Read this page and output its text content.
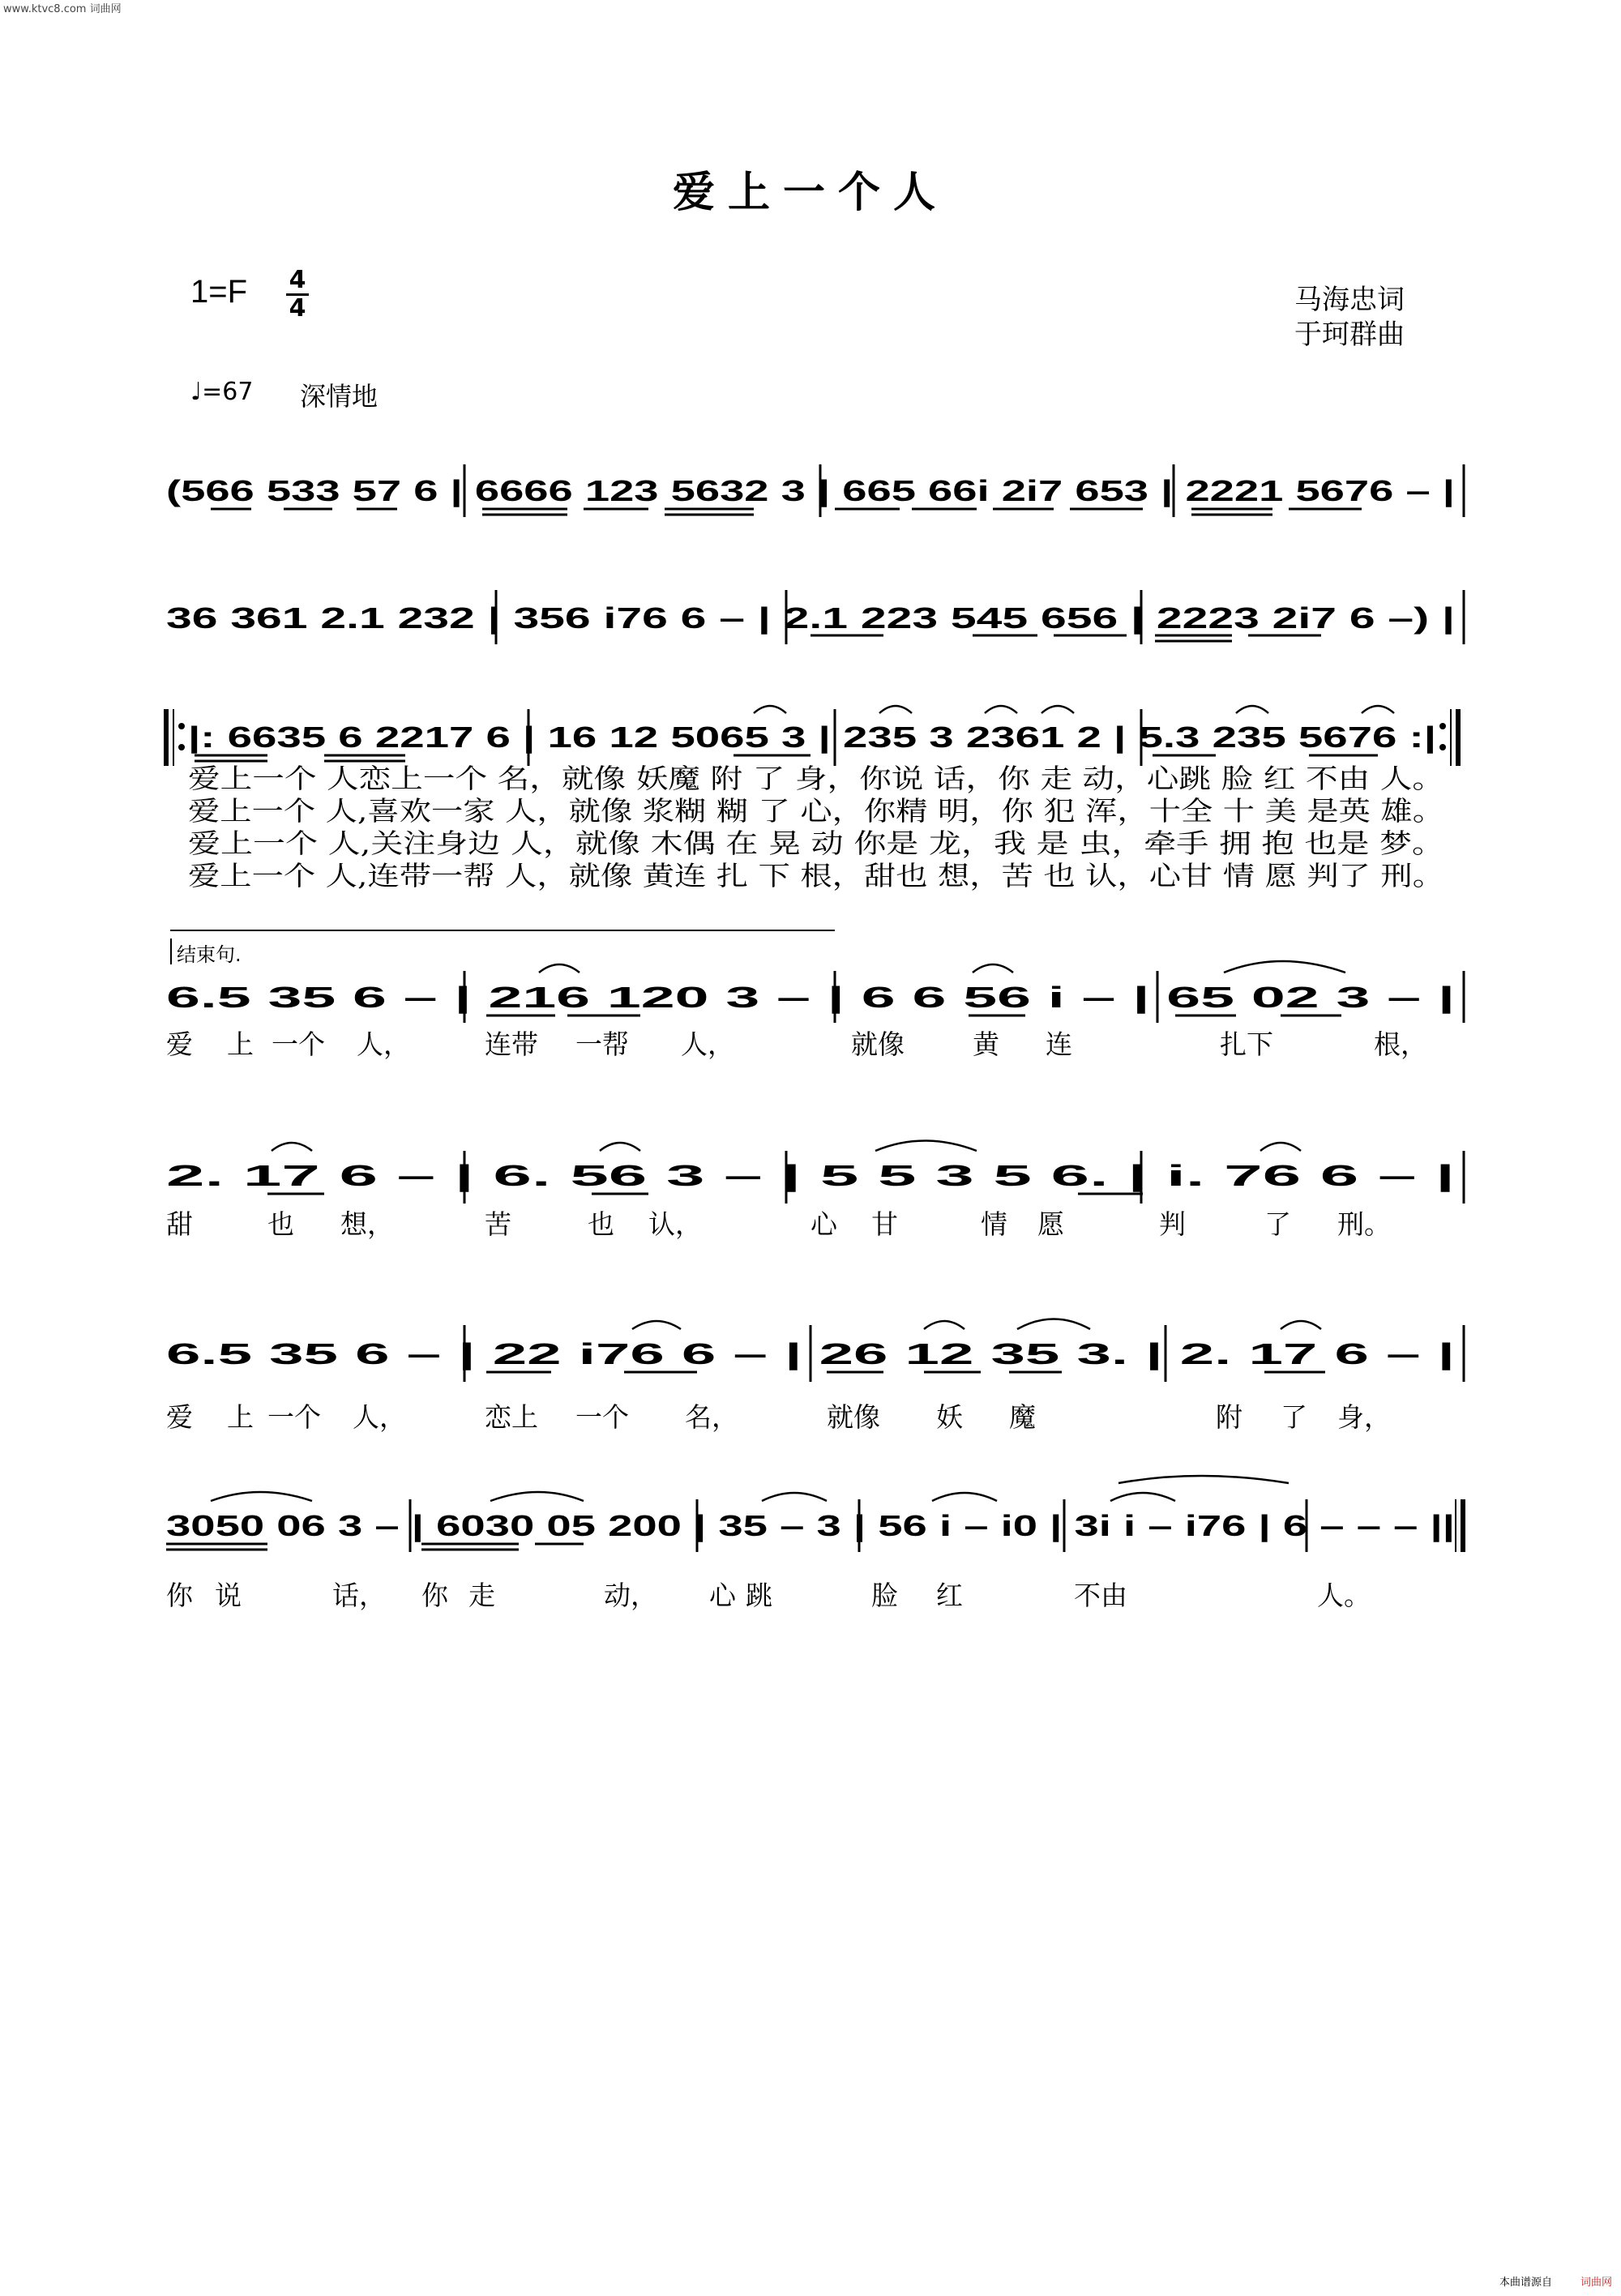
www.ktvc8.com 词曲网
爱上一个人
1=F 4
4	马海忠词
于珂群曲
♩=67 深情地
结束句.
(566 533 57 6 | 6666 123 5632 3 | 665 66i 2i7 653 | 2221 5676 – |
36 361 2.1 232 | 356 i76 6 – | 2.1 223 545 656 | 2223 2i7 6 –) |
|: 6635 6 2217 6 | 16 12 5065 3 | 235 3 2361 2 | 5.3 235 5676 :|
6.5 35 6 – | 216 120 3 – | 6 6 56 i – | 65 02 3 – |
2. 17 6 – | 6. 56 3 – | 5 5 3 5 6. | i. 76 6 – |
6.5 35 6 – | 22 i76 6 – | 26 12 35 3. | 2. 17 6 – |
3050 06 3 – | 6030 05 200 | 35 – 3 | 56 i – i0 | 3i i – i76 | 6 – – – ||
爱上一个 人恋上一个 名，就像 妖魔 附 了 身，你说 话，你 走 动，心跳 脸 红 不由 人。
爱上一个 人,喜欢一家 人，就像 浆糊 糊 了 心，你精 明，你 犯 浑，十全 十 美 是英 雄。
爱上一个 人,关注身边 人，就像 木偶 在 晃 动 你是 龙，我 是 虫，牵手 拥 抱 也是 梦。
爱上一个 人,连带一帮 人，就像 黄连 扎 下 根，甜也 想，苦 也 认，心甘 情 愿 判了 刑。
爱 上 一个 人，	连带 一帮 人，	就像	黄 连	扎下	根，
甜	也 想，	苦	也 认，	心 甘	情 愿	判	了 刑。
爱 上 一个 人，	恋上 一个 名，	就像 妖 魔	附 了 身，
你 说	话， 你 走	动， 心 跳	脸 红	不由	人。
本曲谱源自	词曲网
